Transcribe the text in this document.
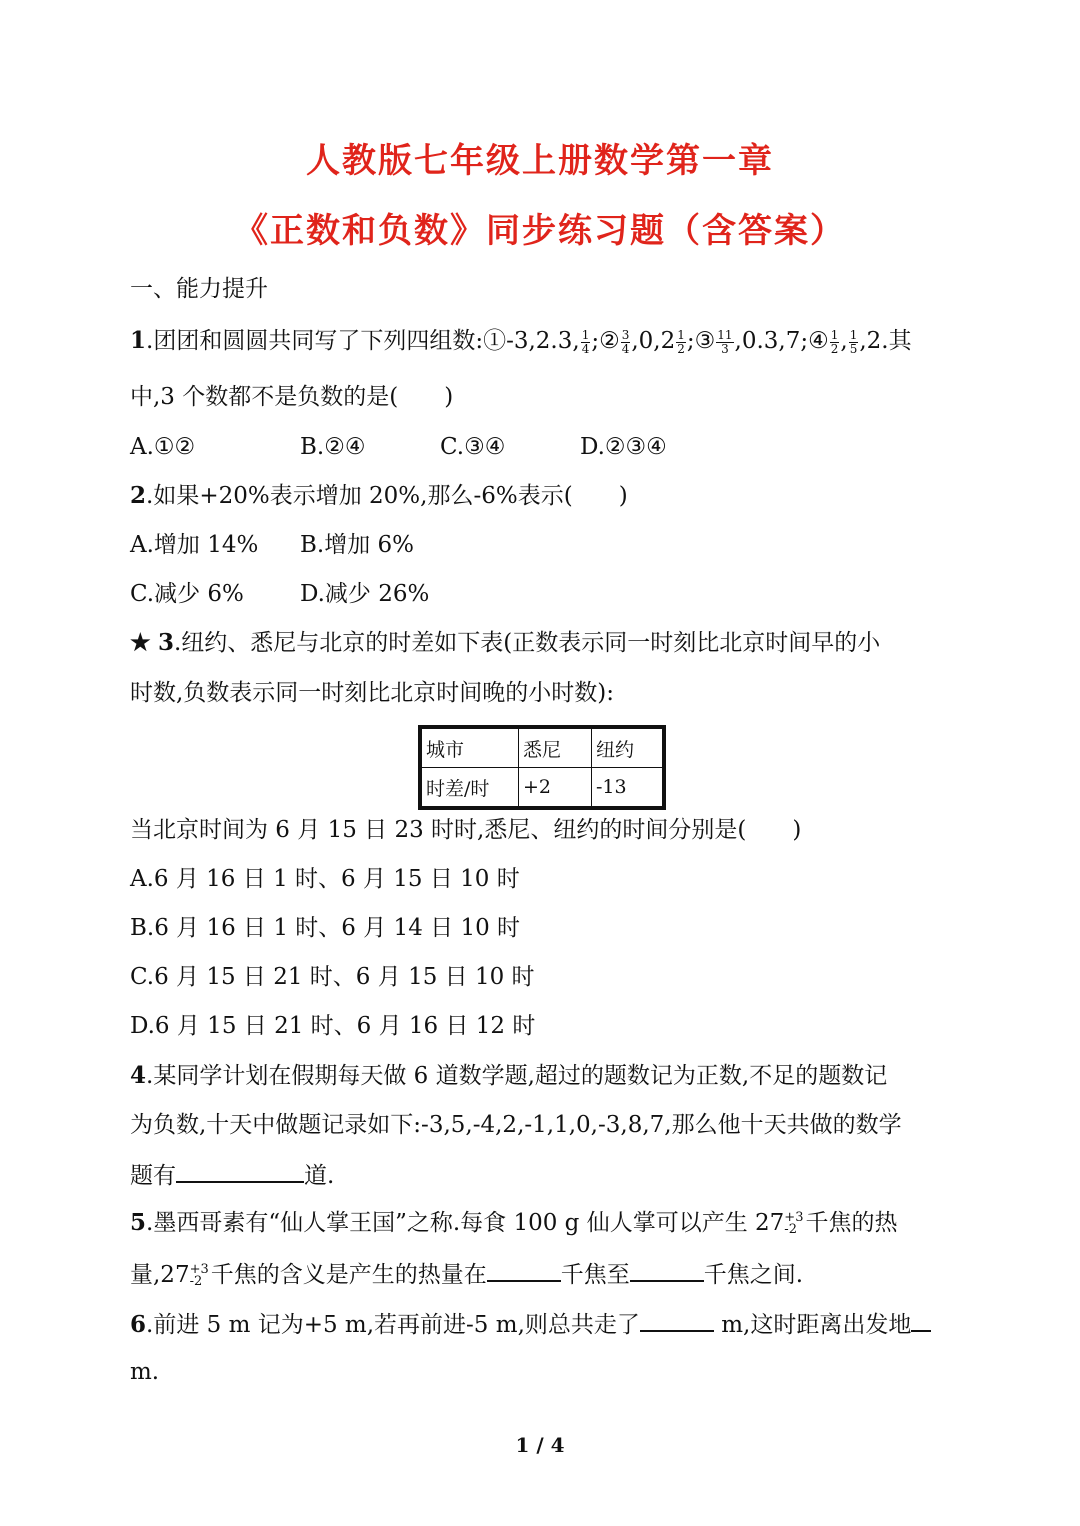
人教版七年级上册数学第一章
《正数和负数》同步练习题（含答案）
一、能力提升
1.团团和圆圆共同写了下列四组数:①-3,2.3, $\frac{1}{4}$ ;② $\frac{3}{4} ,0,2 \frac{1}{2}$ ;③ $\frac{11}{3}$ ,0.3,7;④ $\frac{1}{2}$ , $\frac{1}{5} ,2$.其
中,3 个数都不是负数的是( )
A.①②	B.②④	C.③④	D.②③④
2.如果+20%表示增加 20%,那么-6%表示( )
A.增加 14% B.增加 6%
C.减少 6% D.减少 26%
★ 3.纽约、悉尼与北京的时差如下表(正数表示同一时刻比北京时间早的小
时数,负数表示同一时刻比北京时间晚的小时数):
城市	悉尼	纽约
时差/时	+2	-13
当北京时间为 6 月 15 日 23 时时,悉尼、纽约的时间分别是( )
A.6 月 16 日 1 时、6 月 15 日 10 时
B.6 月 16 日 1 时、6 月 14 日 10 时
C.6 月 15 日 21 时、6 月 15 日 10 时
D.6 月 15 日 21 时、6 月 16 日 12 时
4.某同学计划在假期每天做 6 道数学题,超过的题数记为正数,不足的题数记
为负数,十天中做题记录如下:-3,5,-4,2,-1,1,0,-3,8,7,那么他十天共做的数学
题有	道.
5.墨西哥素有“仙人掌王国”之称.每食 100 g 仙人掌可以产生 27 +3
-2 千焦的热
量,27 +3
-2 千焦的含义是产生的热量在	千焦至	千焦之间.
6.前进 5 m 记为+5 m,若再前进-5 m,则总共走了	m,这时距离出发地
m.
1 / 4
